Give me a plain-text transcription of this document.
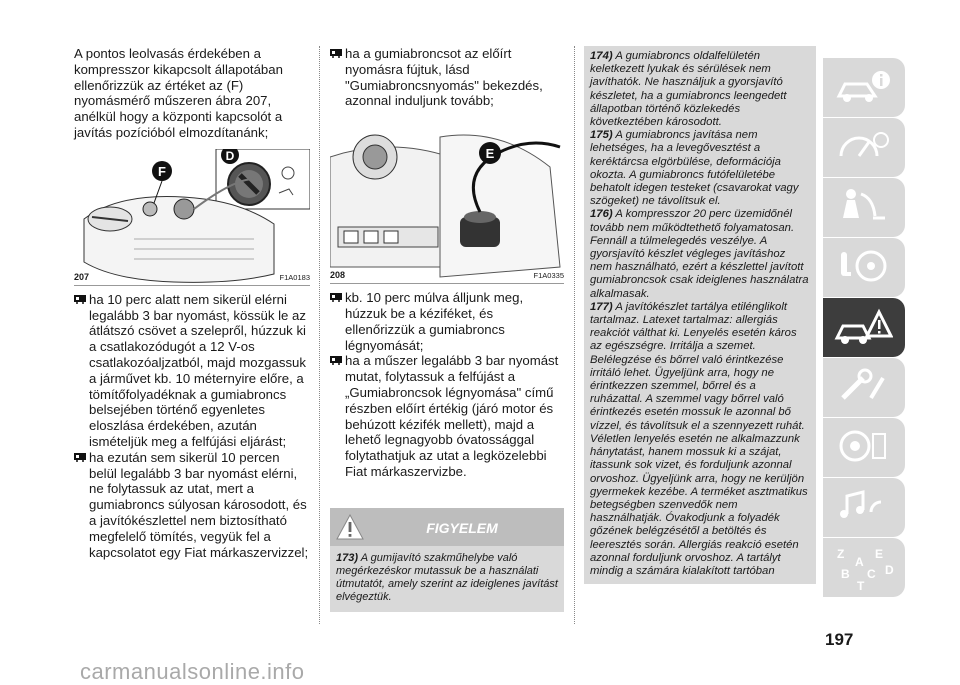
A pontos leolvasás érdekében a kompresszor kikapcsolt állapotában ellenőrizzük az értéket az (F) nyomásmérő műszeren ábra 207, anélkül hogy a központi kapcsolót a javítás pozícióból elmozdítanánk;

F
D
207	F1A0183
ha 10 perc alatt nem sikerül elérni legalább 3 bar nyomást, kössük le az átlátszó csövet a szelepről, húzzuk ki a csatlakozódugót a 12 V-os csatlakozóaljzatból, majd mozgassuk a járművet kb. 10 méternyire előre, a tömítőfolyadéknak a gumiabroncs belsejében történő egyenletes eloszlása érdekében, azután ismételjük meg a felfújási eljárást;
ha ezután sem sikerül 10 percen belül legalább 3 bar nyomást elérni, ne folytassuk az utat, mert a gumiabroncs súlyosan károsodott, és a javítókészlettel nem biztosítható megfelelő tömítés, vegyük fel a kapcsolatot egy Fiat márkaszervizzel;
ha a gumiabroncsot az előírt nyomásra fújtuk, lásd "Gumiabroncsnyomás" bekezdés, azonnal induljunk tovább;
E
208	F1A0335
kb. 10 perc múlva álljunk meg, húzzuk be a kéziféket, és ellenőrizzük a gumiabroncs légnyomását;
ha a műszer legalább 3 bar nyomást mutat, folytassuk a felfújást a „Gumiabroncsok légnyomása" című részben előírt értékig (járó motor és behúzott kézifék mellett), majd a lehető legnagyobb óvatossággal folytathatjuk az utat a legközelebbi Fiat márkaszervizbe.
FIGYELEM
173) A gumijavító szakműhelybe való megérkezéskor mutassuk be a használati útmutatót, amely szerint az ideiglenes javítást elvégeztük.

174) A gumiabroncs oldalfelületén keletkezett lyukak és sérülések nem javíthatók. Ne használjuk a gyorsjavító készletet, ha a gumiabroncs leengedett állapotban történő közlekedés következtében károsodott.

175) A gumiabroncs javítása nem lehetséges, ha a levegővesztést a keréktárcsa elgörbülése, deformációja okozta. A gumiabroncs futófelületébe behatolt idegen testeket (csavarokat vagy szögeket) ne távolítsuk el.

176) A kompresszor 20 perc üzemidőnél tovább nem működtethető folyamatosan. Fennáll a túlmelegedés veszélye. A gyorsjavító készlet végleges javításhoz nem használható, ezért a készlettel javított gumiabroncsok csak ideiglenes használatra alkalmasak.

177) A javítókészlet tartálya etilénglikolt tartalmaz. Latexet tartalmaz: allergiás reakciót válthat ki. Lenyelés esetén káros az egészségre. Irritálja a szemet. Belélegzése és bőrrel való érintkezése irritáló lehet. Ügyeljünk arra, hogy ne érintkezzen szemmel, bőrrel és a ruházattal. A szemmel vagy bőrrel való érintkezés esetén mossuk le azonnal bő vízzel, és távolítsuk el a szennyezett ruhát. Véletlen lenyelés esetén ne alkalmazzunk hánytatást, hanem mossuk ki a szájat, itassunk sok vizet, és forduljunk azonnal orvoshoz. Ügyeljünk arra, hogy ne kerüljön gyermekek kezébe. A terméket asztmatikus betegségben szenvedők nem használhatják. Óvakodjunk a folyadék gőzének belégzésétől a betöltés és leeresztés során. Allergiás reakció esetén azonnal forduljunk orvoshoz. A tartályt mindig a számára kialakított tartóban

Z
A
E
B C D
T
197
carmanualsonline.info
